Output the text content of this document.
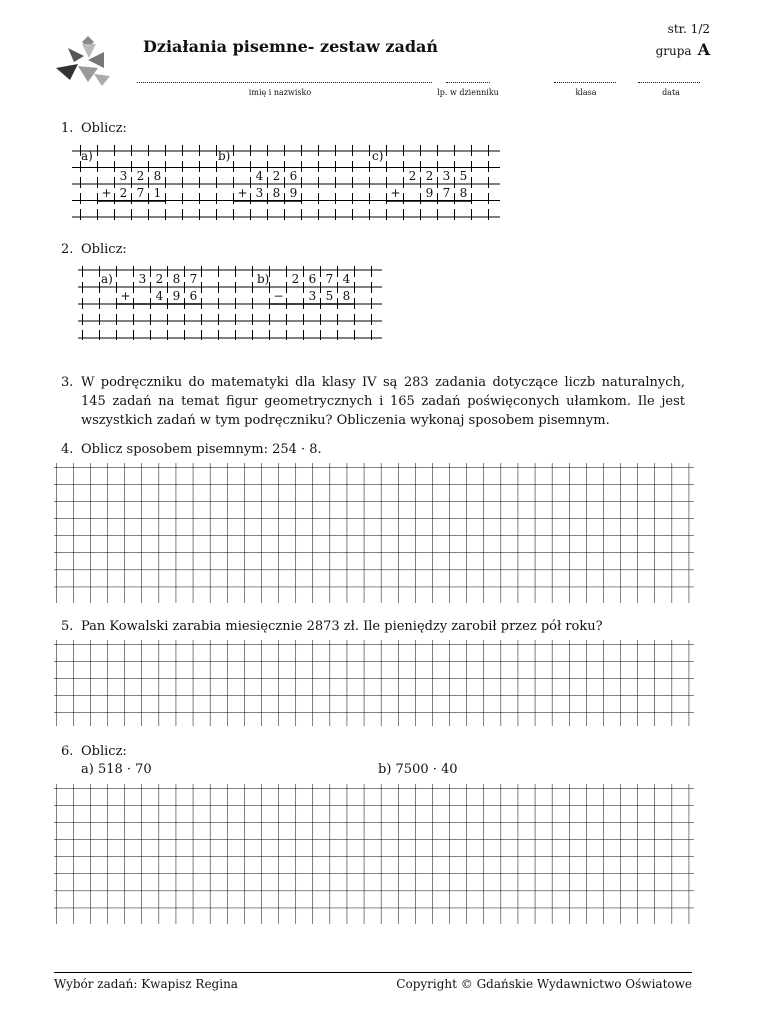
Działania pisemne- zestaw zadań
str. 1/2
grupa A
imię i nazwisko	lp. w dzienniku	klasa	data
1. Oblicz:
a)	b)	c)
3 2 8
+ 2 7 1
4 2 6
+ 3 8 9
2 2 3 5
+	9 7 8
2. Oblicz:
a)	b)
3 2 8 7
+	4 9 6
2 6 7 4
−	3 5 8
3. W podręczniku do matematyki dla klasy IV są 283 zadania dotyczące liczb naturalnych, 145 zadań na temat figur geometrycznych i 165 zadań poświęconych ułamkom. Ile jest wszystkich zadań w tym podręczniku? Obliczenia wykonaj sposobem pisemnym.
4. Oblicz sposobem pisemnym: 254 · 8.
5. Pan Kowalski zarabia miesięcznie 2873 zł. Ile pieniędzy zarobił przez pół roku?
6. Oblicz:
a) 518 · 70	b) 7500 · 40
Wybór zadań: Kwapisz Regina	Copyright © Gdańskie Wydawnictwo Oświatowe
